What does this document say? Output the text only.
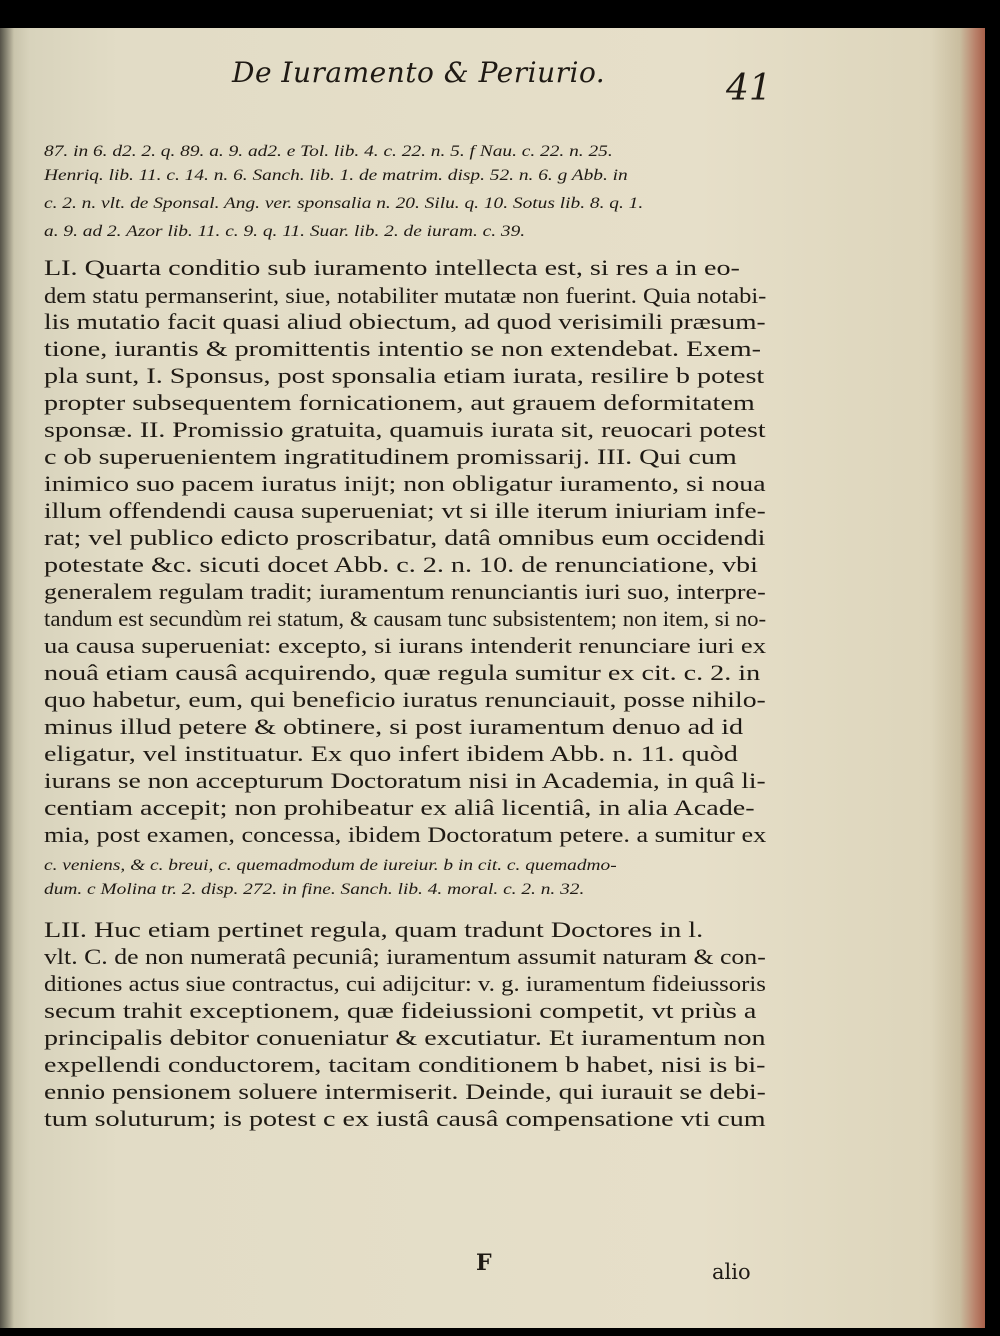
De Iuramento & Periurio.	41
87. in 6. d2. 2. q. 89. a. 9. ad2. e Tol. lib. 4. c. 22. n. 5. f Nau. c. 22. n. 25.
Henriq. lib. 11. c. 14. n. 6. Sanch. lib. 1. de matrim. disp. 52. n. 6. g Abb. in
c. 2. n. vlt. de Sponsal. Ang. ver. sponsalia n. 20. Silu. q. 10. Sotus lib. 8. q. 1.
a. 9. ad 2. Azor lib. 11. c. 9. q. 11. Suar. lib. 2. de iuram. c. 39.
LI. Quarta conditio sub iuramento intellecta est, si res a in eo-
dem statu permanserint, siue, notabiliter mutatæ non fuerint. Quia notabi-
lis mutatio facit quasi aliud obiectum, ad quod verisimili præsum-
tione, iurantis & promittentis intentio se non extendebat. Exem-
pla sunt, I. Sponsus, post sponsalia etiam iurata, resilire b potest
propter subsequentem fornicationem, aut grauem deformitatem
sponsæ. II. Promissio gratuita, quamuis iurata sit, reuocari potest
c ob superuenientem ingratitudinem promissarij. III. Qui cum
inimico suo pacem iuratus inijt; non obligatur iuramento, si noua
illum offendendi causa superueniat; vt si ille iterum iniuriam infe-
rat; vel publico edicto proscribatur, datâ omnibus eum occidendi
potestate &c. sicuti docet Abb. c. 2. n. 10. de renunciatione, vbi
generalem regulam tradit; iuramentum renunciantis iuri suo, interpre-
tandum est secundùm rei statum, & causam tunc subsistentem; non item, si no-
ua causa superueniat: excepto, si iurans intenderit renunciare iuri ex
nouâ etiam causâ acquirendo, quæ regula sumitur ex cit. c. 2. in
quo habetur, eum, qui beneficio iuratus renunciauit, posse nihilo-
minus illud petere & obtinere, si post iuramentum denuo ad id
eligatur, vel instituatur. Ex quo infert ibidem Abb. n. 11. quòd
iurans se non accepturum Doctoratum nisi in Academia, in quâ li-
centiam accepit; non prohibeatur ex aliâ licentiâ, in alia Acade-
mia, post examen, concessa, ibidem Doctoratum petere. a sumitur ex
c. veniens, & c. breui, c. quemadmodum de iureiur. b in cit. c. quemadmo-
dum. c Molina tr. 2. disp. 272. in fine. Sanch. lib. 4. moral. c. 2. n. 32.
LII. Huc etiam pertinet regula, quam tradunt Doctores in l.
vlt. C. de non numeratâ pecuniâ; iuramentum assumit naturam & con-
ditiones actus siue contractus, cui adijcitur: v. g. iuramentum fideiussoris
secum trahit exceptionem, quæ fideiussioni competit, vt priùs a
principalis debitor conueniatur & excutiatur. Et iuramentum non
expellendi conductorem, tacitam conditionem b habet, nisi is bi-
ennio pensionem soluere intermiserit. Deinde, qui iurauit se debi-
tum soluturum; is potest c ex iustâ causâ compensatione vti cum
F	alio
